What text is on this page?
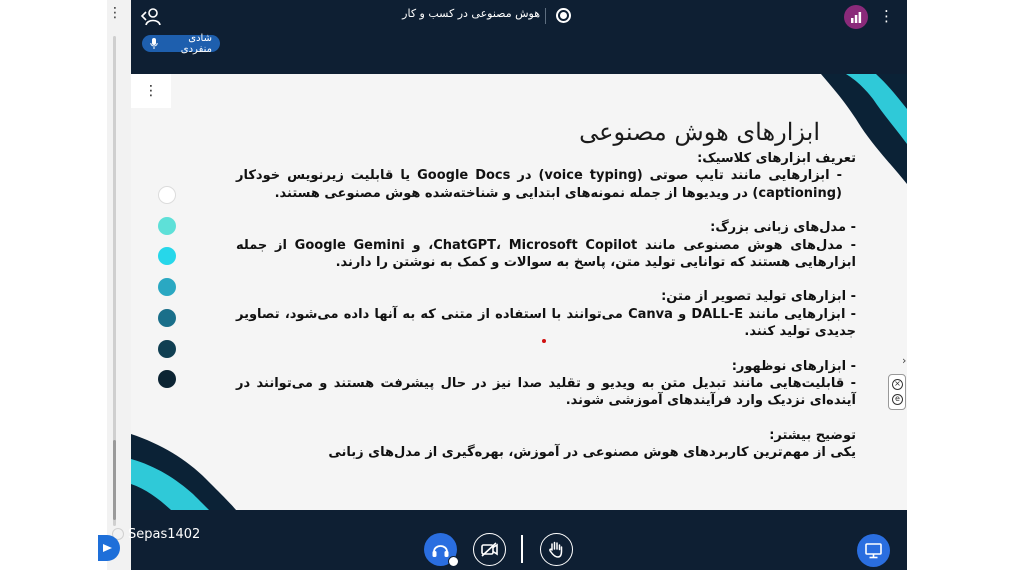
⋮	هوش مصنوعی در کسب و کار	⋮
شادی منفردی
⋮
ابزارهای هوش مصنوعی

تعریف ابزارهای کلاسیک:

- ابزارهایی مانند تایپ صوتی (voice typing) در Google Docs یا قابلیت زیرنویس خودکار (captioning) در ویدیوها از جمله نمونه‌های ابتدایی و شناخته‌شده هوش مصنوعی هستند.

- مدل‌های زبانی بزرگ:

- مدل‌های هوش مصنوعی مانند ChatGPT، Microsoft Copilot، و Google Gemini از جمله ابزارهایی هستند که توانایی تولید متن، پاسخ به سوالات و کمک به نوشتن را دارند.

- ابزارهای تولید تصویر از متن:

- ابزارهایی مانند DALL-E و Canva می‌توانند با استفاده از متنی که به آنها داده می‌شود، تصاویر جدیدی تولید کنند.

- ابزارهای نوظهور:

- قابلیت‌هایی مانند تبدیل متن به ویدیو و تقلید صدا نیز در حال پیشرفت هستند و می‌توانند در آینده‌ای نزدیک وارد فرآیندهای آموزشی شوند.

توضیح بیشتر:

یکی از مهم‌ترین کاربردهای هوش مصنوعی در آموزش، بهره‌گیری از مدل‌های زبانی

›
×
e
Sepas1402
